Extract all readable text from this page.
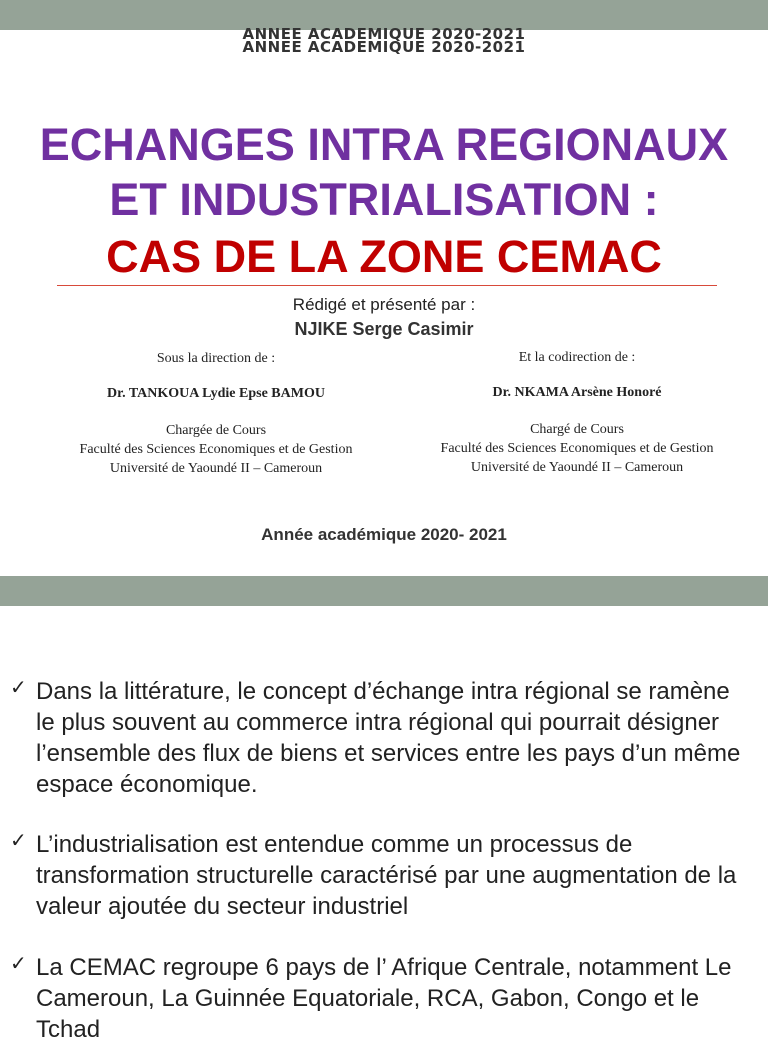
ANNEE ACADEMIQUE 2020-2021
ANNEE ACADEMIQUE 2020-2021
ECHANGES INTRA REGIONAUX
ET INDUSTRIALISATION :
CAS DE LA ZONE CEMAC
Rédigé et présenté par :
NJIKE Serge Casimir
Sous la direction de :
Dr. TANKOUA Lydie Epse BAMOU
Chargée de Cours
Faculté des Sciences Economiques et de Gestion
Université de Yaoundé II – Cameroun
Et la codirection de :
Dr. NKAMA Arsène Honoré
Chargé de Cours
Faculté des Sciences Economiques et de Gestion
Université de Yaoundé II – Cameroun
Année académique 2020- 2021
✓ Dans la littérature, le concept d’échange intra régional se ramène le plus souvent au commerce intra régional qui pourrait désigner l’ensemble des flux de biens et services entre les pays d’un même espace économique.
✓ L’industrialisation est entendue comme un processus de transformation structurelle caractérisé par une augmentation de la valeur ajoutée du secteur industriel
✓ La CEMAC regroupe 6 pays de l’ Afrique Centrale, notamment Le Cameroun, La Guinnée Equatoriale, RCA, Gabon, Congo et le Tchad
